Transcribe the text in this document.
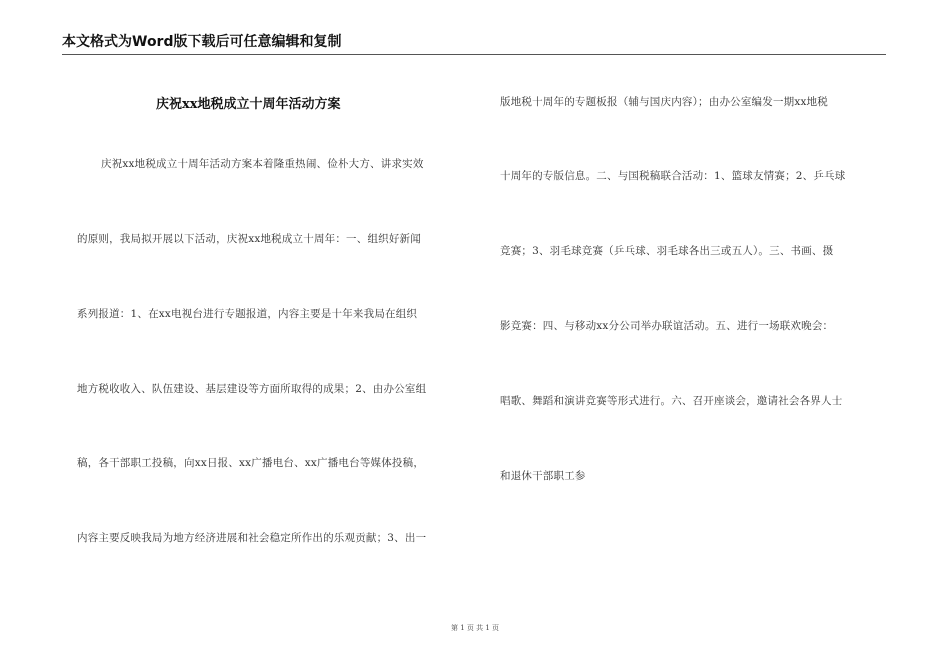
本文格式为Word版下载后可任意编辑和复制
庆祝xx地税成立十周年活动方案
庆祝xx地税成立十周年活动方案本着隆重热闹、俭朴大方、讲求实效
的原则，我局拟开展以下活动，庆祝xx地税成立十周年：一、组织好新闻
系列报道：1、在xx电视台进行专题报道，内容主要是十年来我局在组织
地方税收收入、队伍建设、基层建设等方面所取得的成果；2、由办公室组
稿，各干部职工投稿，向xx日报、xx广播电台、xx广播电台等媒体投稿，
内容主要反映我局为地方经济进展和社会稳定所作出的乐观贡献；3、出一
版地税十周年的专题板报（辅与国庆内容）；由办公室编发一期xx地税
十周年的专版信息。二、与国税稿联合活动：1、篮球友情赛；2、乒乓球
竞赛；3、羽毛球竞赛（乒乓球、羽毛球各出三或五人）。三、书画、摄
影竞赛：四、与移动xx分公司举办联谊活动。五、进行一场联欢晚会：
唱歌、舞蹈和演讲竞赛等形式进行。六、召开座谈会，邀请社会各界人士
和退休干部职工参
第 1 页 共 1 页
